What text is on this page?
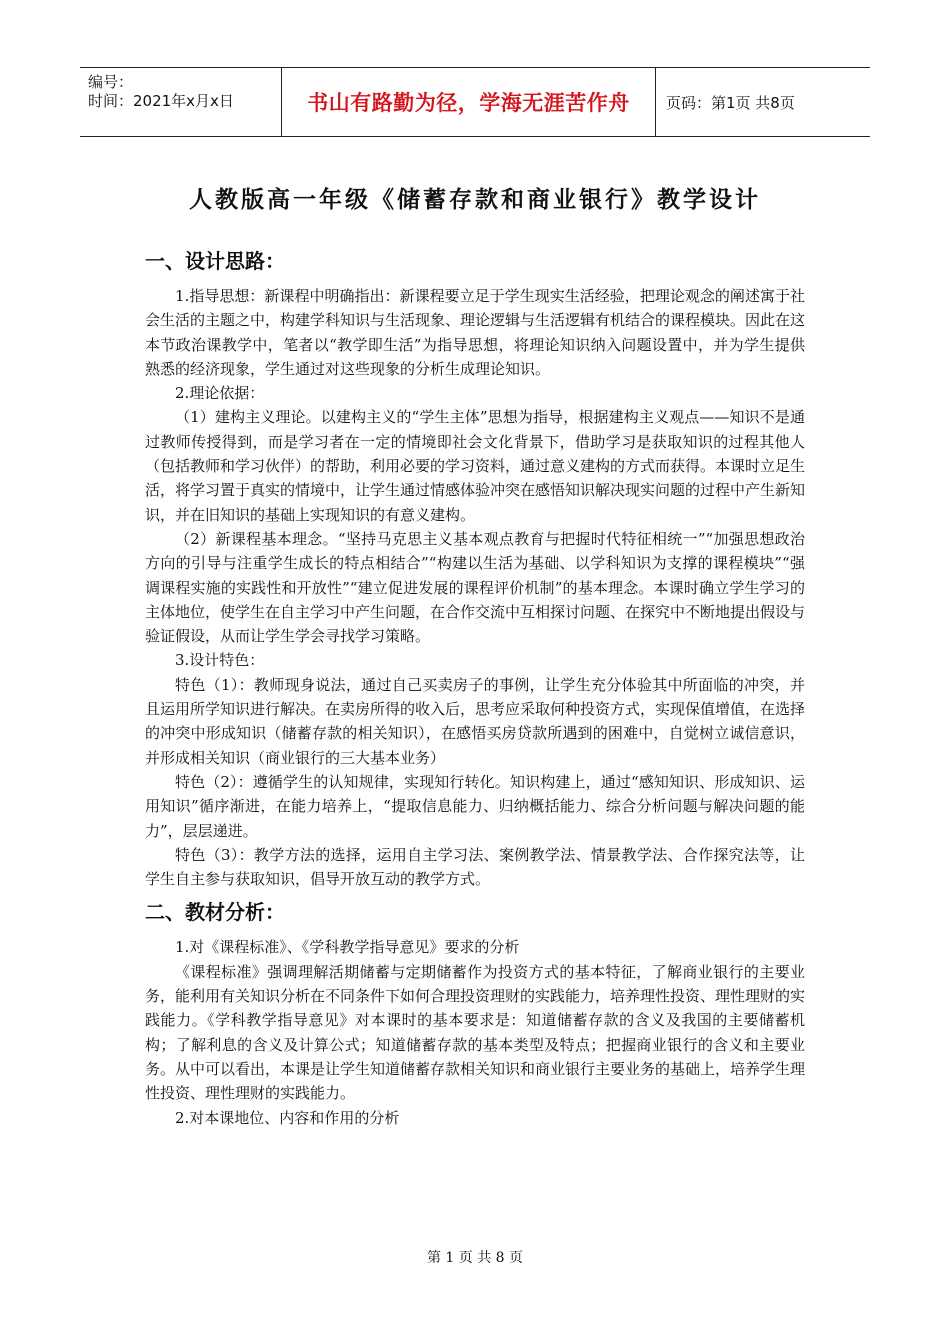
编号：
时间：2021年x月x日	书山有路勤为径，学海无涯苦作舟	页码：第1页 共8页
人教版高一年级《储蓄存款和商业银行》教学设计
一、设计思路：

1.指导思想：新课程中明确指出：新课程要立足于学生现实生活经验，把理论观念的阐述寓于社会生活的主题之中，构建学科知识与生活现象、理论逻辑与生活逻辑有机结合的课程模块。因此在这本节政治课教学中，笔者以“教学即生活”为指导思想，将理论知识纳入问题设置中，并为学生提供熟悉的经济现象，学生通过对这些现象的分析生成理论知识。

2.理论依据：

（1）建构主义理论。以建构主义的“学生主体”思想为指导，根据建构主义观点——知识不是通过教师传授得到，而是学习者在一定的情境即社会文化背景下，借助学习是获取知识的过程其他人（包括教师和学习伙伴）的帮助，利用必要的学习资料，通过意义建构的方式而获得。本课时立足生活，将学习置于真实的情境中，让学生通过情感体验冲突在感悟知识解决现实问题的过程中产生新知识，并在旧知识的基础上实现知识的有意义建构。

（2）新课程基本理念。“坚持马克思主义基本观点教育与把握时代特征相统一”“加强思想政治方向的引导与注重学生成长的特点相结合”“构建以生活为基础、以学科知识为支撑的课程模块”“强调课程实施的实践性和开放性”“建立促进发展的课程评价机制”的基本理念。本课时确立学生学习的主体地位，使学生在自主学习中产生问题，在合作交流中互相探讨问题、在探究中不断地提出假设与验证假设，从而让学生学会寻找学习策略。

3.设计特色：

特色（1）：教师现身说法，通过自己买卖房子的事例，让学生充分体验其中所面临的冲突，并且运用所学知识进行解决。在卖房所得的收入后，思考应采取何种投资方式，实现保值增值，在选择的冲突中形成知识（储蓄存款的相关知识），在感悟买房贷款所遇到的困难中，自觉树立诚信意识，并形成相关知识（商业银行的三大基本业务）

特色（2）：遵循学生的认知规律，实现知行转化。知识构建上，通过“感知知识、形成知识、运用知识”循序渐进，在能力培养上，“提取信息能力、归纳概括能力、综合分析问题与解决问题的能力”，层层递进。

特色（3）：教学方法的选择，运用自主学习法、案例教学法、情景教学法、合作探究法等，让学生自主参与获取知识，倡导开放互动的教学方式。

二、教材分析：

1.对《课程标准》、《学科教学指导意见》要求的分析

《课程标准》强调理解活期储蓄与定期储蓄作为投资方式的基本特征，了解商业银行的主要业务，能利用有关知识分析在不同条件下如何合理投资理财的实践能力，培养理性投资、理性理财的实践能力。《学科教学指导意见》对本课时的基本要求是：知道储蓄存款的含义及我国的主要储蓄机构；了解利息的含义及计算公式；知道储蓄存款的基本类型及特点；把握商业银行的含义和主要业务。从中可以看出，本课是让学生知道储蓄存款相关知识和商业银行主要业务的基础上，培养学生理性投资、理性理财的实践能力。

2.对本课地位、内容和作用的分析

第 1 页 共 8 页
